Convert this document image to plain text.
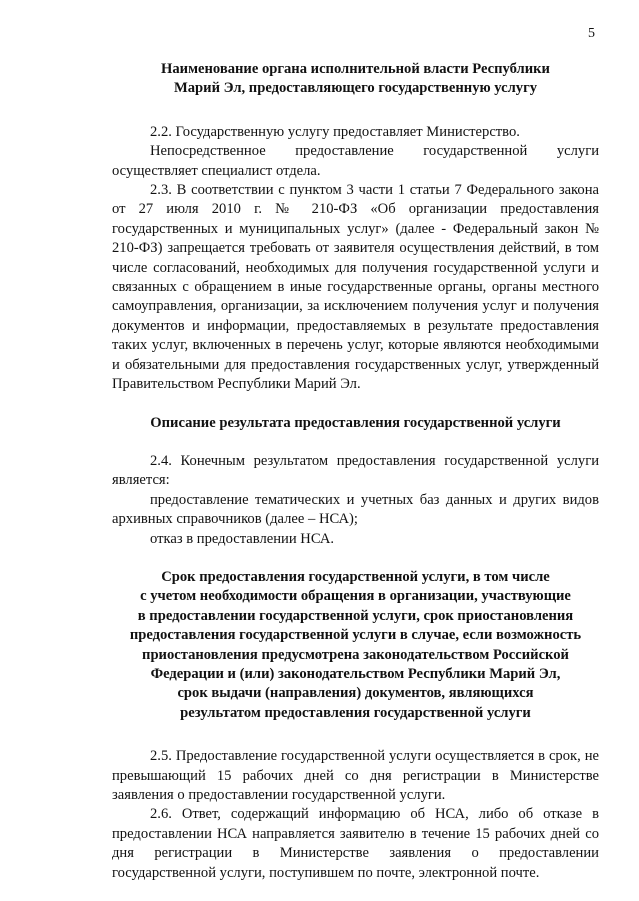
5

Наименование органа исполнительной власти Республики

Марий Эл, предоставляющего государственную услугу

2.2. Государственную услугу предоставляет Министерство.

Непосредственное предоставление государственной услуги осуществляет специалист отдела.

2.3. В соответствии с пунктом 3 части 1 статьи 7 Федерального закона от 27 июля 2010 г. № 210-ФЗ «Об организации предоставления государственных и муниципальных услуг» (далее - Федеральный закон № 210-ФЗ) запрещается требовать от заявителя осуществления действий, в том числе согласований, необходимых для получения государственной услуги и связанных с обращением в иные государственные органы, органы местного самоуправления, организации, за исключением получения услуг и получения документов и информации, предоставляемых в результате предоставления таких услуг, включенных в перечень услуг, которые являются необходимыми и обязательными для предоставления государственных услуг, утвержденный Правительством Республики Марий Эл.

Описание результата предоставления государственной услуги

2.4. Конечным результатом предоставления государственной услуги является:

предоставление тематических и учетных баз данных и других видов архивных справочников (далее – НСА);

отказ в предоставлении НСА.

Срок предоставления государственной услуги, в том числе

с учетом необходимости обращения в организации, участвующие

в предоставлении государственной услуги, срок приостановления

предоставления государственной услуги в случае, если возможность

приостановления предусмотрена законодательством Российской

Федерации и (или) законодательством Республики Марий Эл,

срок выдачи (направления) документов, являющихся

результатом предоставления государственной услуги

2.5. Предоставление государственной услуги осуществляется в срок, не превышающий 15 рабочих дней со дня регистрации в Министерстве заявления о предоставлении государственной услуги.

2.6. Ответ, содержащий информацию об НСА, либо об отказе в предоставлении НСА направляется заявителю в течение 15 рабочих дней со дня регистрации в Министерстве заявления о предоставлении государственной услуги, поступившем по почте, электронной почте.
